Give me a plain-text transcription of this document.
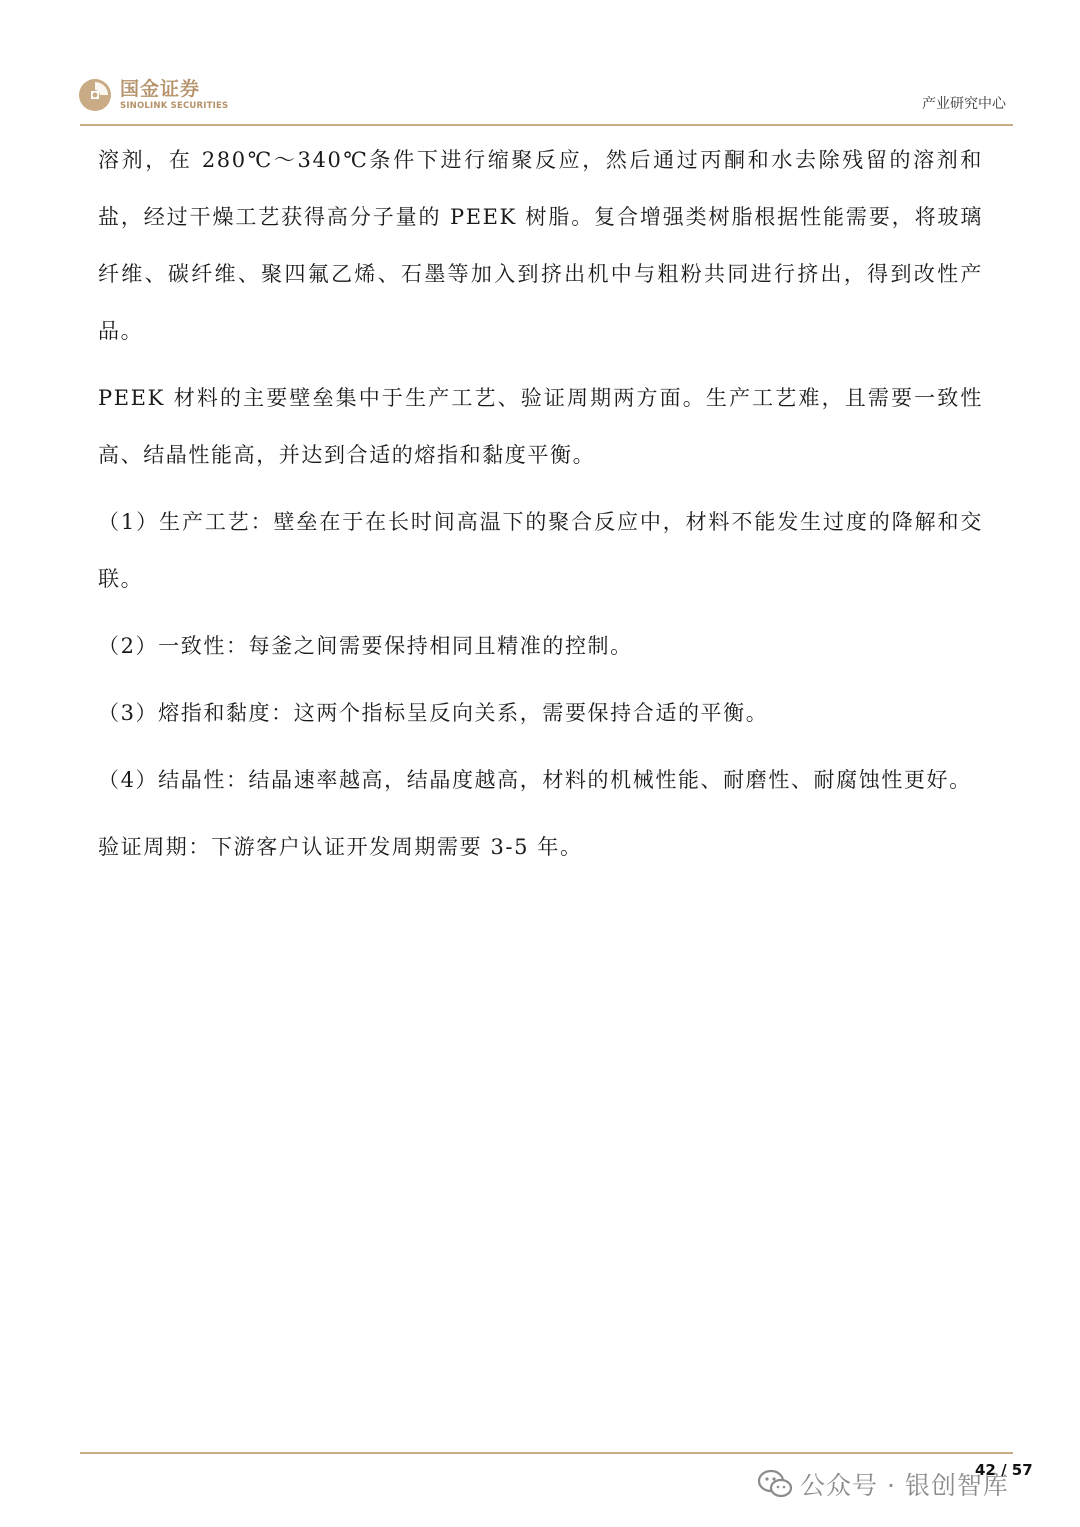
国金证券
SINOLINK SECURITIES	产业研究中心

溶剂，在 280℃～340℃条件下进行缩聚反应，然后通过丙酮和水去除残留的溶剂和盐，经过干燥工艺获得高分子量的 PEEK 树脂。复合增强类树脂根据性能需要，将玻璃纤维、碳纤维、聚四氟乙烯、石墨等加入到挤出机中与粗粉共同进行挤出，得到改性产品。

PEEK 材料的主要壁垒集中于生产工艺、验证周期两方面。生产工艺难，且需要一致性高、结晶性能高，并达到合适的熔指和黏度平衡。

（1）生产工艺：壁垒在于在长时间高温下的聚合反应中，材料不能发生过度的降解和交联。

（2）一致性：每釜之间需要保持相同且精准的控制。

（3）熔指和黏度：这两个指标呈反向关系，需要保持合适的平衡。

（4）结晶性：结晶速率越高，结晶度越高，材料的机械性能、耐磨性、耐腐蚀性更好。

验证周期：下游客户认证开发周期需要 3-5 年。

42 / 57
公众号 · 银创智库
